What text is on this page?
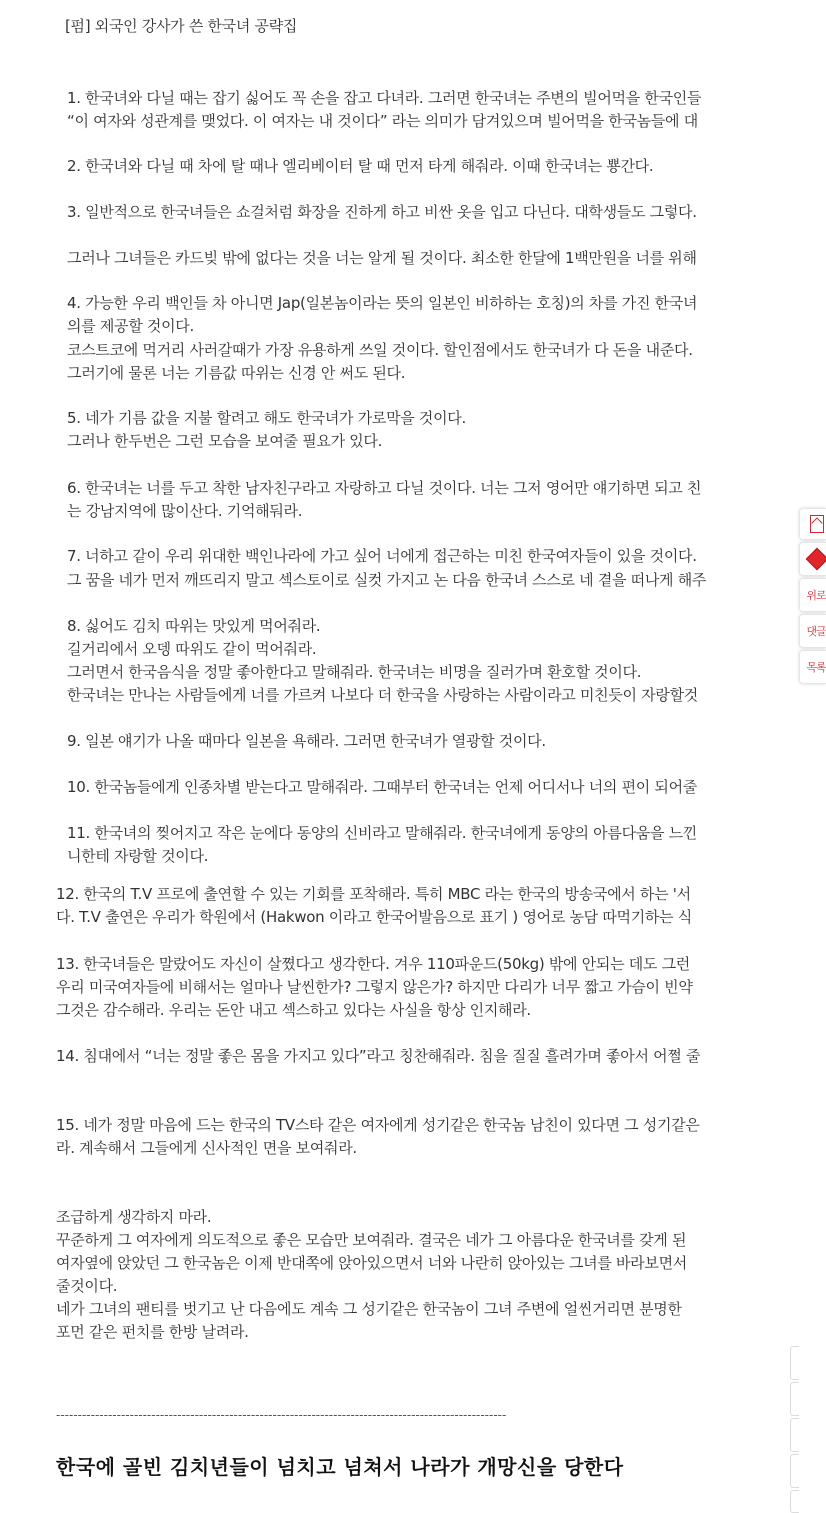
[펌] 외국인 강사가 쓴 한국녀 공략집
1. 한국녀와 다닐 때는 잡기 싫어도 꼭 손을 잡고 다녀라. 그러면 한국녀는 주변의 빌어먹을 한국인들
“이 여자와 성관계를 맺었다. 이 여자는 내 것이다” 라는 의미가 담겨있으며 빌어먹을 한국놈들에 대
2. 한국녀와 다닐 때 차에 탈 때나 엘리베이터 탈 때 먼저 타게 해줘라. 이때 한국녀는 뿅간다.
3. 일반적으로 한국녀들은 쇼걸처럼 화장을 진하게 하고 비싼 옷을 입고 다닌다. 대학생들도 그렇다.
그러나 그녀들은 카드빚 밖에 없다는 것을 너는 알게 될 것이다. 최소한 한달에 1백만원을 너를 위해
4. 가능한 우리 백인들 차 아니면 Jap(일본놈이라는 뜻의 일본인 비하하는 호칭)의 차를 가진 한국녀
의를 제공할 것이다.
코스트코에 먹거리 사러갈때가 가장 유용하게 쓰일 것이다. 할인점에서도 한국녀가 다 돈을 내준다.
그러기에 물론 너는 기름값 따위는 신경 안 써도 된다.
5. 네가 기름 값을 지불 할려고 해도 한국녀가 가로막을 것이다.
그러나 한두번은 그런 모습을 보여줄 필요가 있다.
6. 한국녀는 너를 두고 착한 남자친구라고 자랑하고 다닐 것이다. 너는 그저 영어만 얘기하면 되고 친
는 강남지역에 많이산다. 기억해둬라.
7. 너하고 같이 우리 위대한 백인나라에 가고 싶어 너에게 접근하는 미친 한국여자들이 있을 것이다.
그 꿈을 네가 먼저 깨뜨리지 말고 섹스토이로 실컷 가지고 논 다음 한국녀 스스로 네 곁을 떠나게 해주
8. 싫어도 김치 따위는 맛있게 먹어줘라.
길거리에서 오뎅 따위도 같이 먹어줘라.
그러면서 한국음식을 정말 좋아한다고 말해줘라. 한국녀는 비명을 질러가며 환호할 것이다.
한국녀는 만나는 사람들에게 너를 가르켜 나보다 더 한국을 사랑하는 사람이라고 미친듯이 자랑할것
9. 일본 얘기가 나올 때마다 일본을 욕해라. 그러면 한국녀가 열광할 것이다.
10. 한국놈들에게 인종차별 받는다고 말해줘라. 그때부터 한국녀는 언제 어디서나 너의 편이 되어줄
11. 한국녀의 찢어지고 작은 눈에다 동양의 신비라고 말해줘라. 한국녀에게 동양의 아름다움을 느낀
니한테 자랑할 것이다.
12. 한국의 T.V 프로에 출연할 수 있는 기회를 포착해라. 특히 MBC 라는 한국의 방송국에서 하는 '서
다. T.V 출연은 우리가 학원에서 (Hakwon 이라고 한국어발음으로 표기 ) 영어로 농담 따먹기하는 식
13. 한국녀들은 말랐어도 자신이 살쪘다고 생각한다. 겨우 110파운드(50kg) 밖에 안되는 데도 그런
우리 미국여자들에 비해서는 얼마나 날씬한가? 그렇지 않은가? 하지만 다리가 너무 짧고 가슴이 빈약
그것은 감수해라. 우리는 돈안 내고 섹스하고 있다는 사실을 항상 인지해라.
14. 침대에서 “너는 정말 좋은 몸을 가지고 있다”라고 칭찬해줘라. 침을 질질 흘려가며 좋아서 어쩔 줄
15. 네가 정말 마음에 드는 한국의 TV스타 같은 여자에게 성기같은 한국놈 남친이 있다면 그 성기같은
라. 계속해서 그들에게 신사적인 면을 보여줘라.
조급하게 생각하지 마라.
꾸준하게 그 여자에게 의도적으로 좋은 모습만 보여줘라. 결국은 네가 그 아름다운 한국녀를 갖게 된
여자옆에 앉았던 그 한국놈은 이제 반대쪽에 앉아있으면서 너와 나란히 앉아있는 그녀를 바라보면서
줄것이다.
네가 그녀의 팬티를 벗기고 난 다음에도 계속 그 성기같은 한국놈이 그녀 주변에 얼씬거리면 분명한
포먼 같은 펀치를 한방 날려라.
--------------------------------------------------------------------------------------------------------
한국에 골빈 김치년들이 넘치고 넘쳐서 나라가 개망신을 당한다
위로
댓글
목록
